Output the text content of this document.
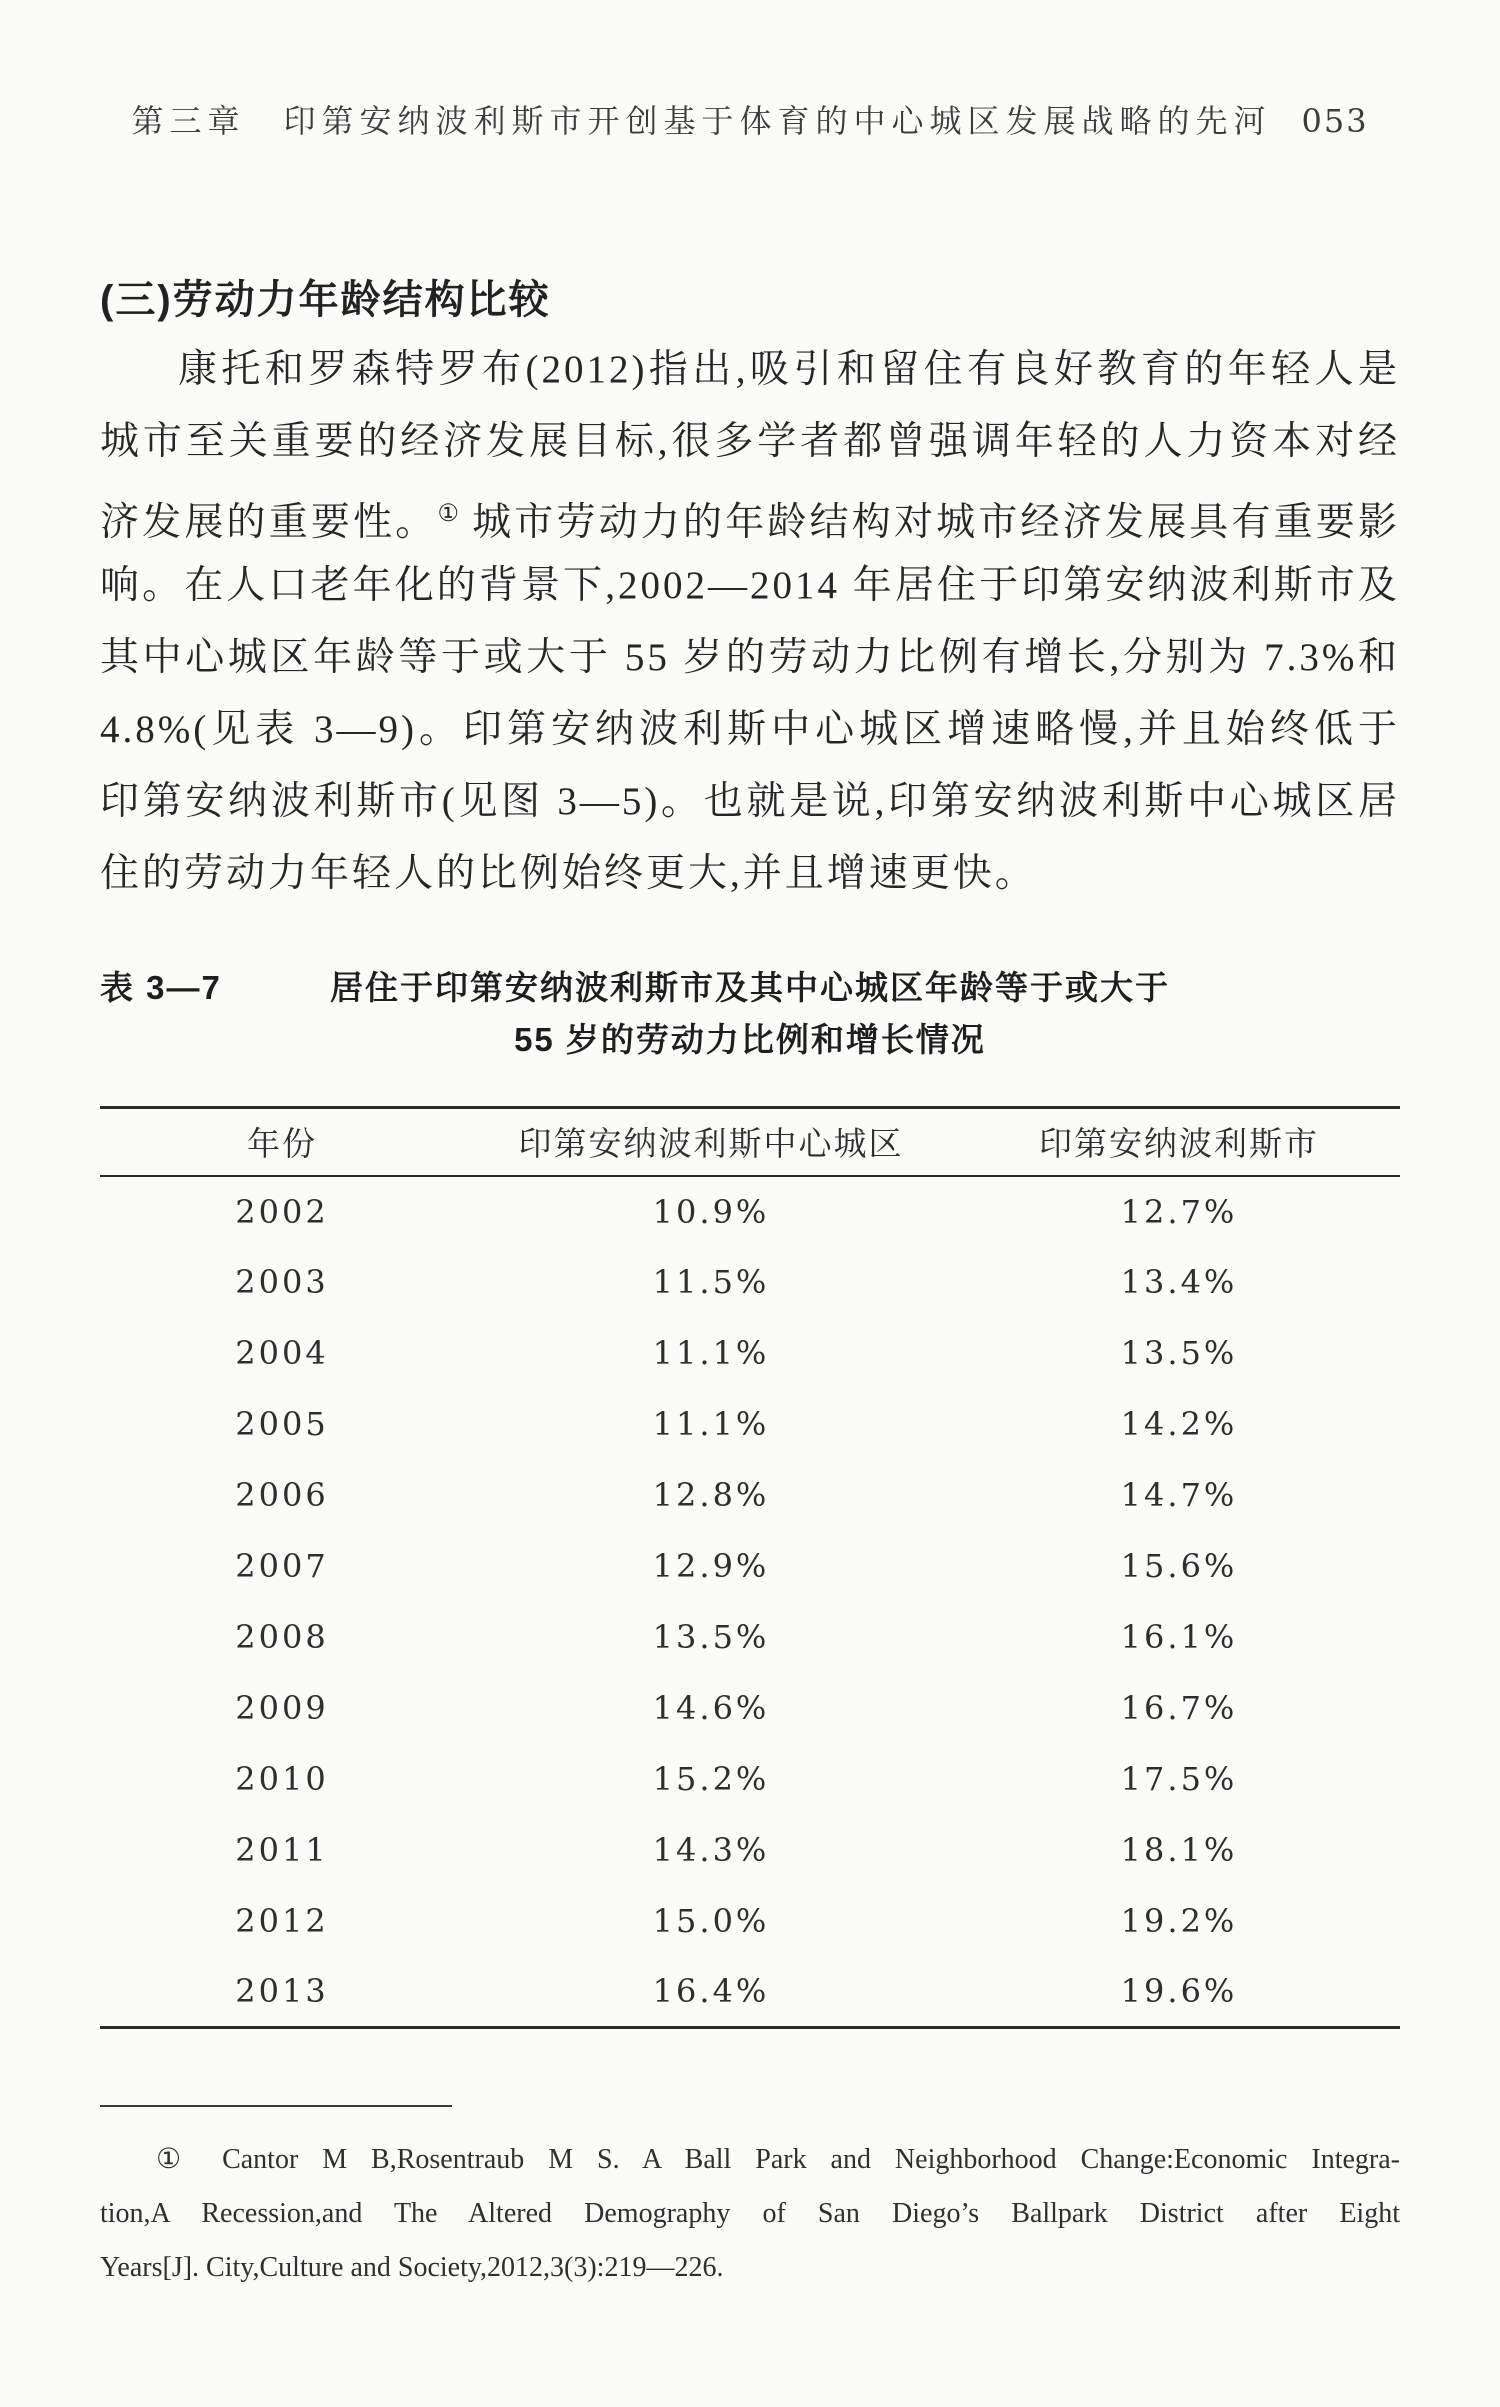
第三章　印第安纳波利斯市开创基于体育的中心城区发展战略的先河 053
(三)劳动力年龄结构比较
康托和罗森特罗布(2012)指出,吸引和留住有良好教育的年轻人是
城市至关重要的经济发展目标,很多学者都曾强调年轻的人力资本对经
济发展的重要性。① 城市劳动力的年龄结构对城市经济发展具有重要影
响。在人口老年化的背景下,2002—2014 年居住于印第安纳波利斯市及
其中心城区年龄等于或大于 55 岁的劳动力比例有增长,分别为 7.3%和
4.8%(见表 3—9)。印第安纳波利斯中心城区增速略慢,并且始终低于
印第安纳波利斯市(见图 3—5)。也就是说,印第安纳波利斯中心城区居
住的劳动力年轻人的比例始终更大,并且增速更快。
表 3—7	居住于印第安纳波利斯市及其中心城区年龄等于或大于
55 岁的劳动力比例和增长情况
年份	印第安纳波利斯中心城区	印第安纳波利斯市
2002	10.9%	12.7%
2003	11.5%	13.4%
2004	11.1%	13.5%
2005	11.1%	14.2%
2006	12.8%	14.7%
2007	12.9%	15.6%
2008	13.5%	16.1%
2009	14.6%	16.7%
2010	15.2%	17.5%
2011	14.3%	18.1%
2012	15.0%	19.2%
2013	16.4%	19.6%
① Cantor M B,Rosentraub M S. A Ball Park and Neighborhood Change:Economic Integra-
tion,A Recession,and The Altered Demography of San Diego’s Ballpark District after Eight
Years[J]. City,Culture and Society,2012,3(3):219—226.
